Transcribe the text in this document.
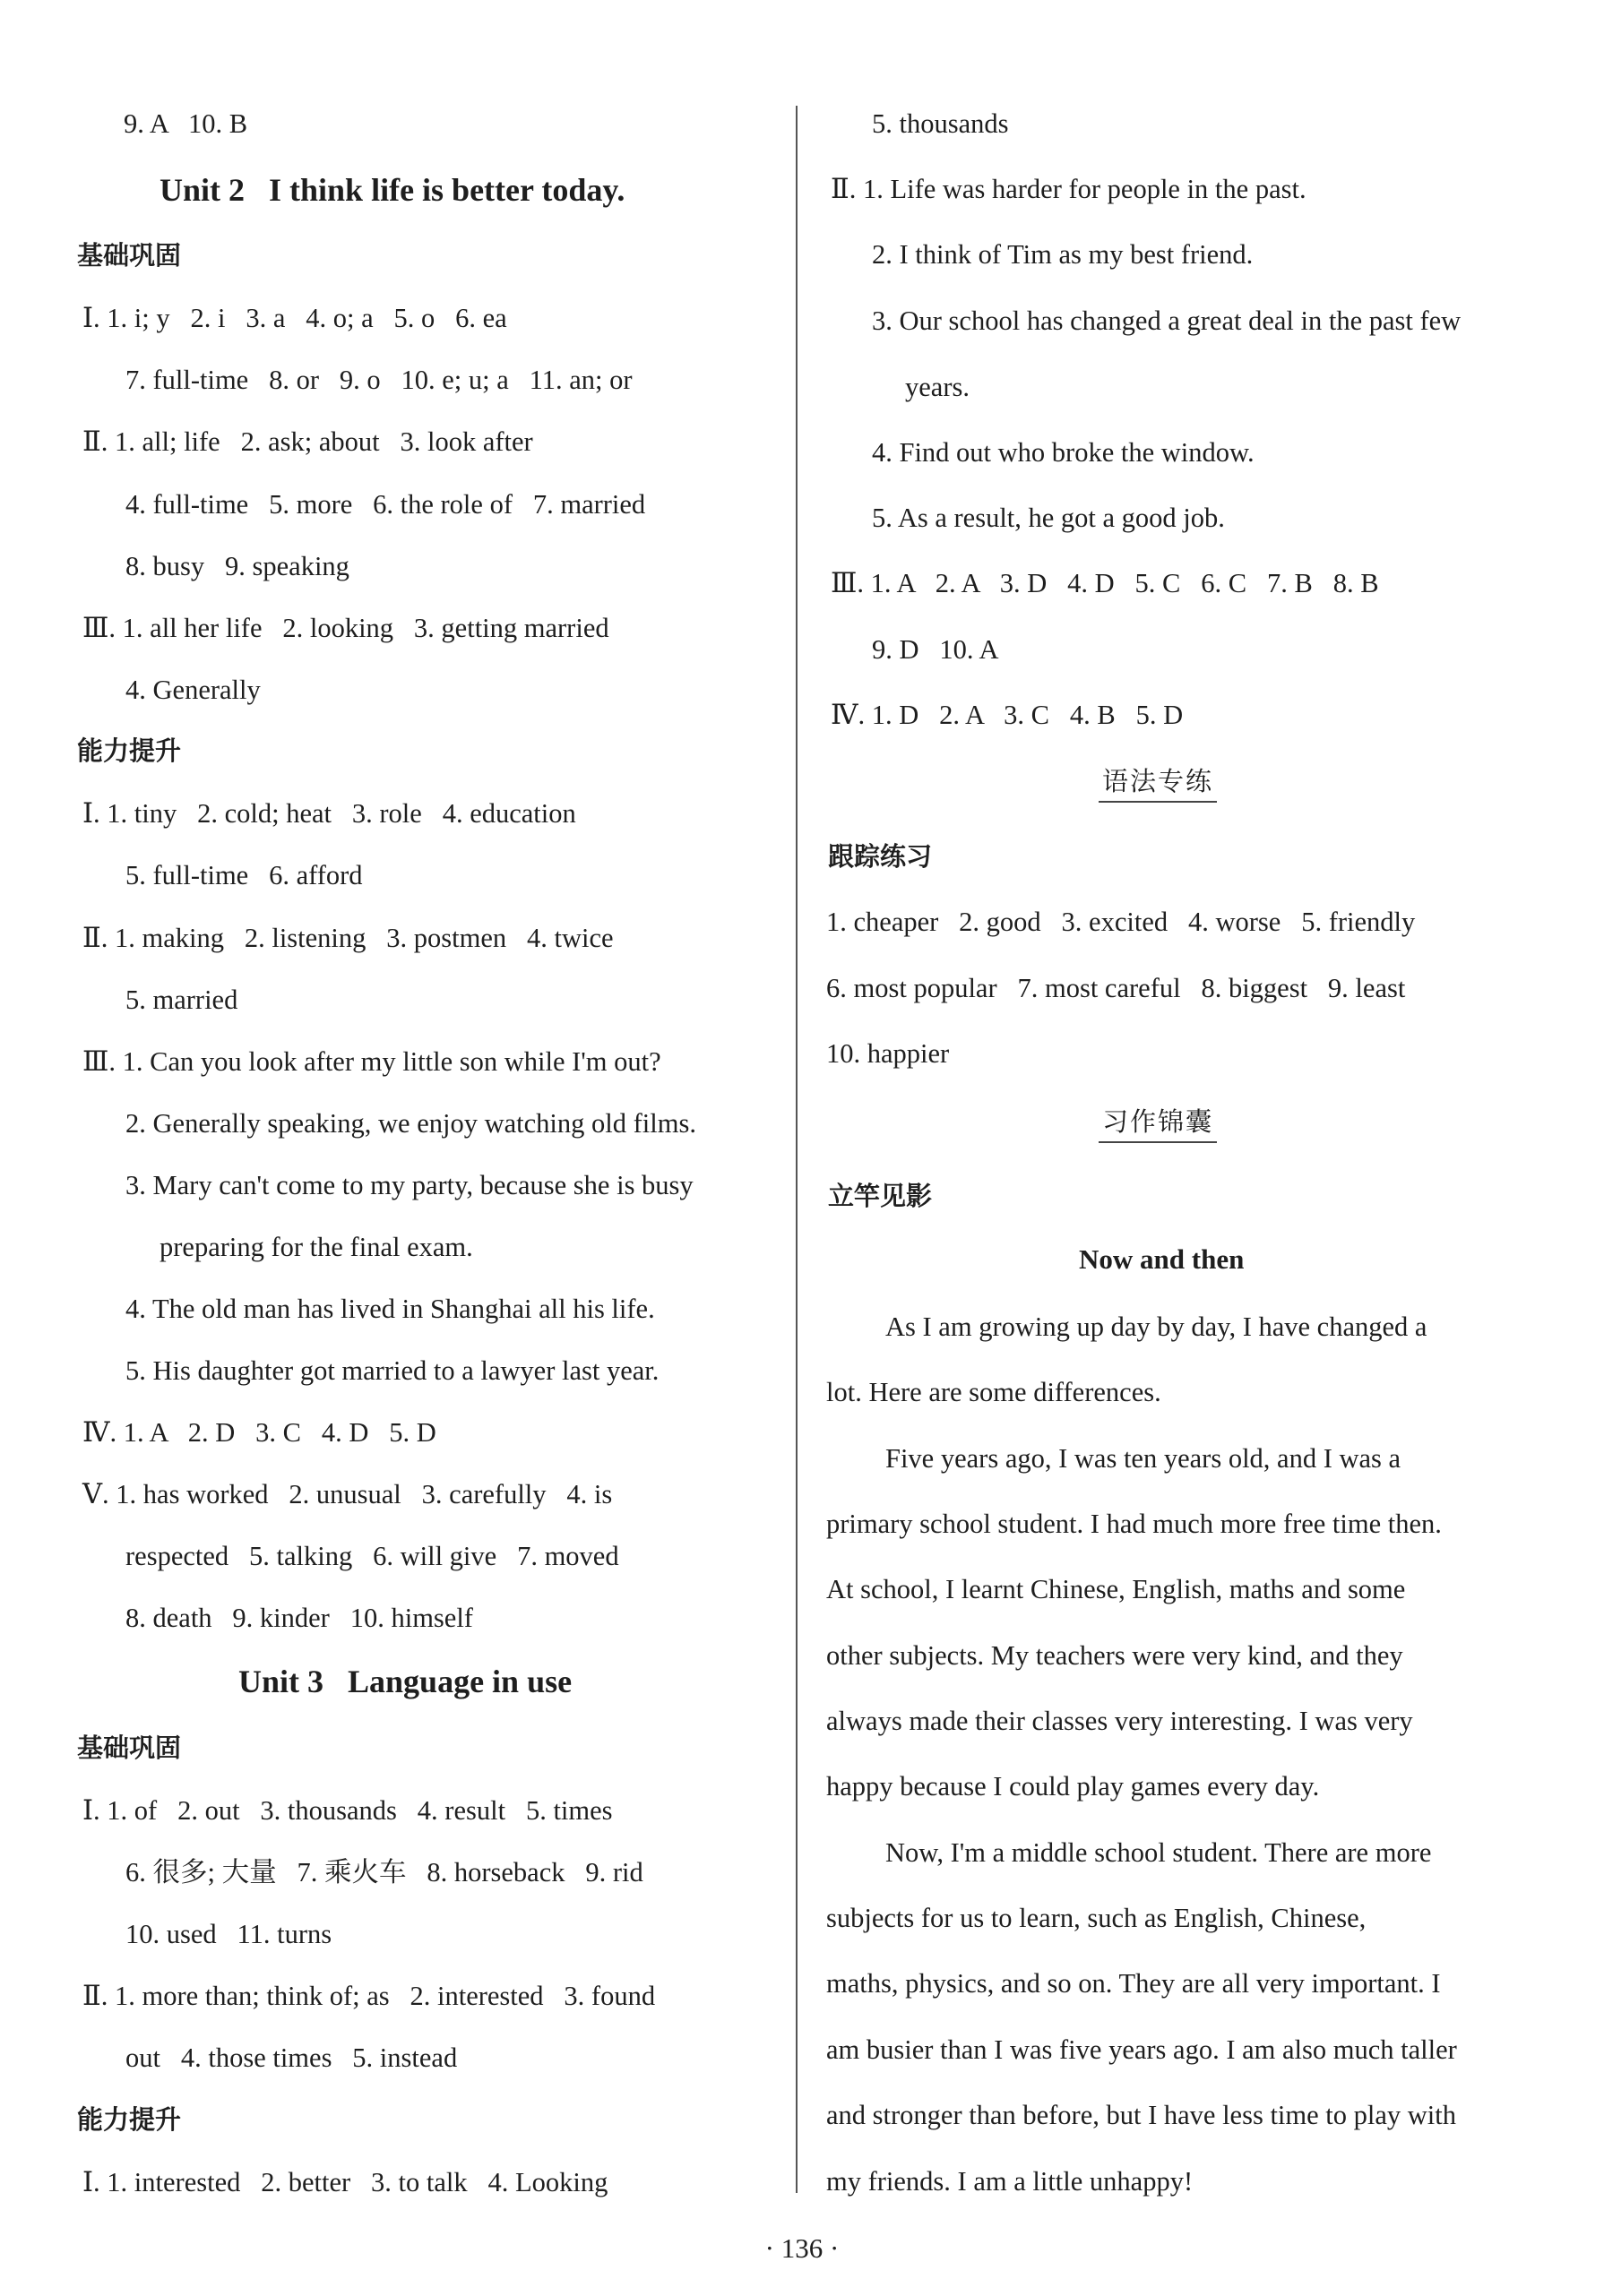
9. A   10. B
Unit 2   I think life is better today.
基础巩固
Ⅰ. 1. i; y   2. i   3. a   4. o; a   5. o   6. ea
7. full-time   8. or   9. o   10. e; u; a   11. an; or
Ⅱ. 1. all; life   2. ask; about   3. look after
4. full-time   5. more   6. the role of   7. married
8. busy   9. speaking
Ⅲ. 1. all her life   2. looking   3. getting married
4. Generally
能力提升
Ⅰ. 1. tiny   2. cold; heat   3. role   4. education
5. full-time   6. afford
Ⅱ. 1. making   2. listening   3. postmen   4. twice
5. married
Ⅲ. 1. Can you look after my little son while I'm out?
2. Generally speaking, we enjoy watching old films.
3. Mary can't come to my party, because she is busy
preparing for the final exam.
4. The old man has lived in Shanghai all his life.
5. His daughter got married to a lawyer last year.
Ⅳ. 1. A   2. D   3. C   4. D   5. D
Ⅴ. 1. has worked   2. unusual   3. carefully   4. is
respected   5. talking   6. will give   7. moved
8. death   9. kinder   10. himself
Unit 3   Language in use
基础巩固
Ⅰ. 1. of   2. out   3. thousands   4. result   5. times
6. 很多; 大量   7. 乘火车   8. horseback   9. rid
10. used   11. turns
Ⅱ. 1. more than; think of; as   2. interested   3. found
out   4. those times   5. instead
能力提升
Ⅰ. 1. interested   2. better   3. to talk   4. Looking
5. thousands
Ⅱ. 1. Life was harder for people in the past.
2. I think of Tim as my best friend.
3. Our school has changed a great deal in the past few
years.
4. Find out who broke the window.
5. As a result, he got a good job.
Ⅲ. 1. A   2. A   3. D   4. D   5. C   6. C   7. B   8. B
9. D   10. A
Ⅳ. 1. D   2. A   3. C   4. B   5. D
语法专练
跟踪练习
1. cheaper   2. good   3. excited   4. worse   5. friendly
6. most popular   7. most careful   8. biggest   9. least
10. happier
习作锦囊
立竿见影
Now and then
As I am growing up day by day, I have changed a
lot. Here are some differences.
Five years ago, I was ten years old, and I was a
primary school student. I had much more free time then.
At school, I learnt Chinese, English, maths and some
other subjects. My teachers were very kind, and they
always made their classes very interesting. I was very
happy because I could play games every day.
Now, I'm a middle school student. There are more
subjects for us to learn, such as English, Chinese,
maths, physics, and so on. They are all very important. I
am busier than I was five years ago. I am also much taller
and stronger than before, but I have less time to play with
my friends. I am a little unhappy!
· 136 ·
